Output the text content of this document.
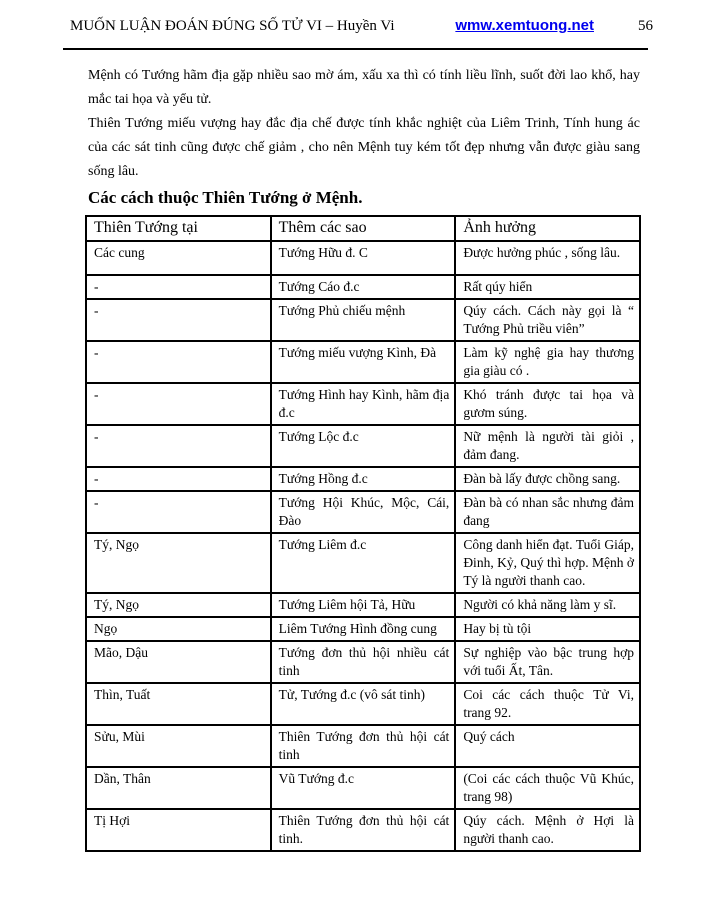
MUỐN LUẬN ĐOÁN ĐÚNG SỐ TỬ VI – Huyền Vi	wmw.xemtuong.net	56

Mệnh có Tướng hãm địa gặp nhiều sao mờ ám, xấu xa thì có tính liều lĩnh, suốt đời lao khổ, hay mắc tai họa và yểu tử.

Thiên Tướng miếu vượng hay đắc địa chế được tính khắc nghiệt của Liêm Trinh, Tính hung ác của các sát tinh cũng được chế giảm , cho nên Mệnh tuy kém tốt đẹp nhưng vẫn được giàu sang sống lâu.

Các cách thuộc Thiên Tướng ở Mệnh.
Thiên Tướng tại	Thêm các sao	Ảnh hưởng
Các cung	Tướng Hữu đ. C	Được hưởng phúc , sống lâu.
-	Tướng Cáo đ.c	Rất qúy hiển
-	Tướng Phủ chiếu mệnh	Qúy cách. Cách này gọi là “ Tướng Phủ triều viên”
-	Tướng miếu vượng Kình, Đà	Làm kỹ nghệ gia hay thương gia giàu có .
-	Tướng Hình hay Kình, hãm địa đ.c	Khó tránh được tai họa và gươm súng.
-	Tướng Lộc đ.c	Nữ mệnh là người tài giỏi , đảm đang.
-	Tướng Hồng đ.c	Đàn bà lấy được chồng sang.
-	Tướng Hội Khúc, Mộc, Cái, Đào	Đàn bà có nhan sắc nhưng đảm đang
Tý, Ngọ	Tướng Liêm đ.c	Công danh hiển đạt. Tuổi Giáp, Đinh, Kỷ, Quý thì hợp. Mệnh ở Tý là người thanh cao.
Tý, Ngọ	Tướng Liêm hội Tả, Hữu	Người có khả năng làm y sĩ.
Ngọ	Liêm Tướng Hình đồng cung	Hay bị tù tội
Mão, Dậu	Tướng đơn thủ hội nhiều cát tinh	Sự nghiệp vào bậc trung hợp với tuổi Ất, Tân.
Thìn, Tuất	Tử, Tướng đ.c (vô sát tinh)	Coi các cách thuộc Tử Vi, trang 92.
Sửu, Mùi	Thiên Tướng đơn thủ hội cát tinh	Quý cách
Dần, Thân	Vũ Tướng đ.c	(Coi các cách thuộc Vũ Khúc, trang 98)
Tị Hợi	Thiên Tướng đơn thủ hội cát tinh.	Qúy cách. Mệnh ở Hợi là người thanh cao.
